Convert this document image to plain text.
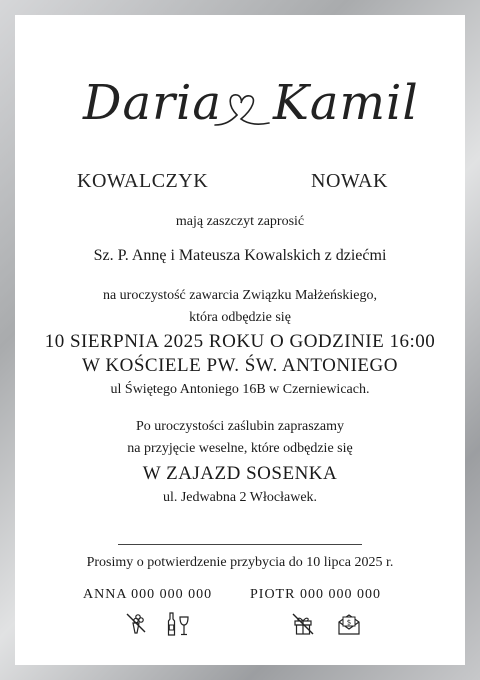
Daria Kamil
KOWALCZYK	NOWAK
mają zaszczyt zaprosić
Sz. P. Annę i Mateusza Kowalskich z dziećmi
na uroczystość zawarcia Związku Małżeńskiego,
która odbędzie się
10 SIERPNIA 2025 ROKU O GODZINIE 16:00
W KOŚCIELE PW. ŚW. ANTONIEGO
ul Świętego Antoniego 16B w Czerniewicach.
Po uroczystości zaślubin zapraszamy
na przyjęcie weselne, które odbędzie się
W ZAJAZD SOSENKA
ul. Jedwabna 2 Włocławek.
Prosimy o potwierdzenie przybycia do 10 lipca 2025 r.
ANNA 000 000 000	PIOTR 000 000 000
$
